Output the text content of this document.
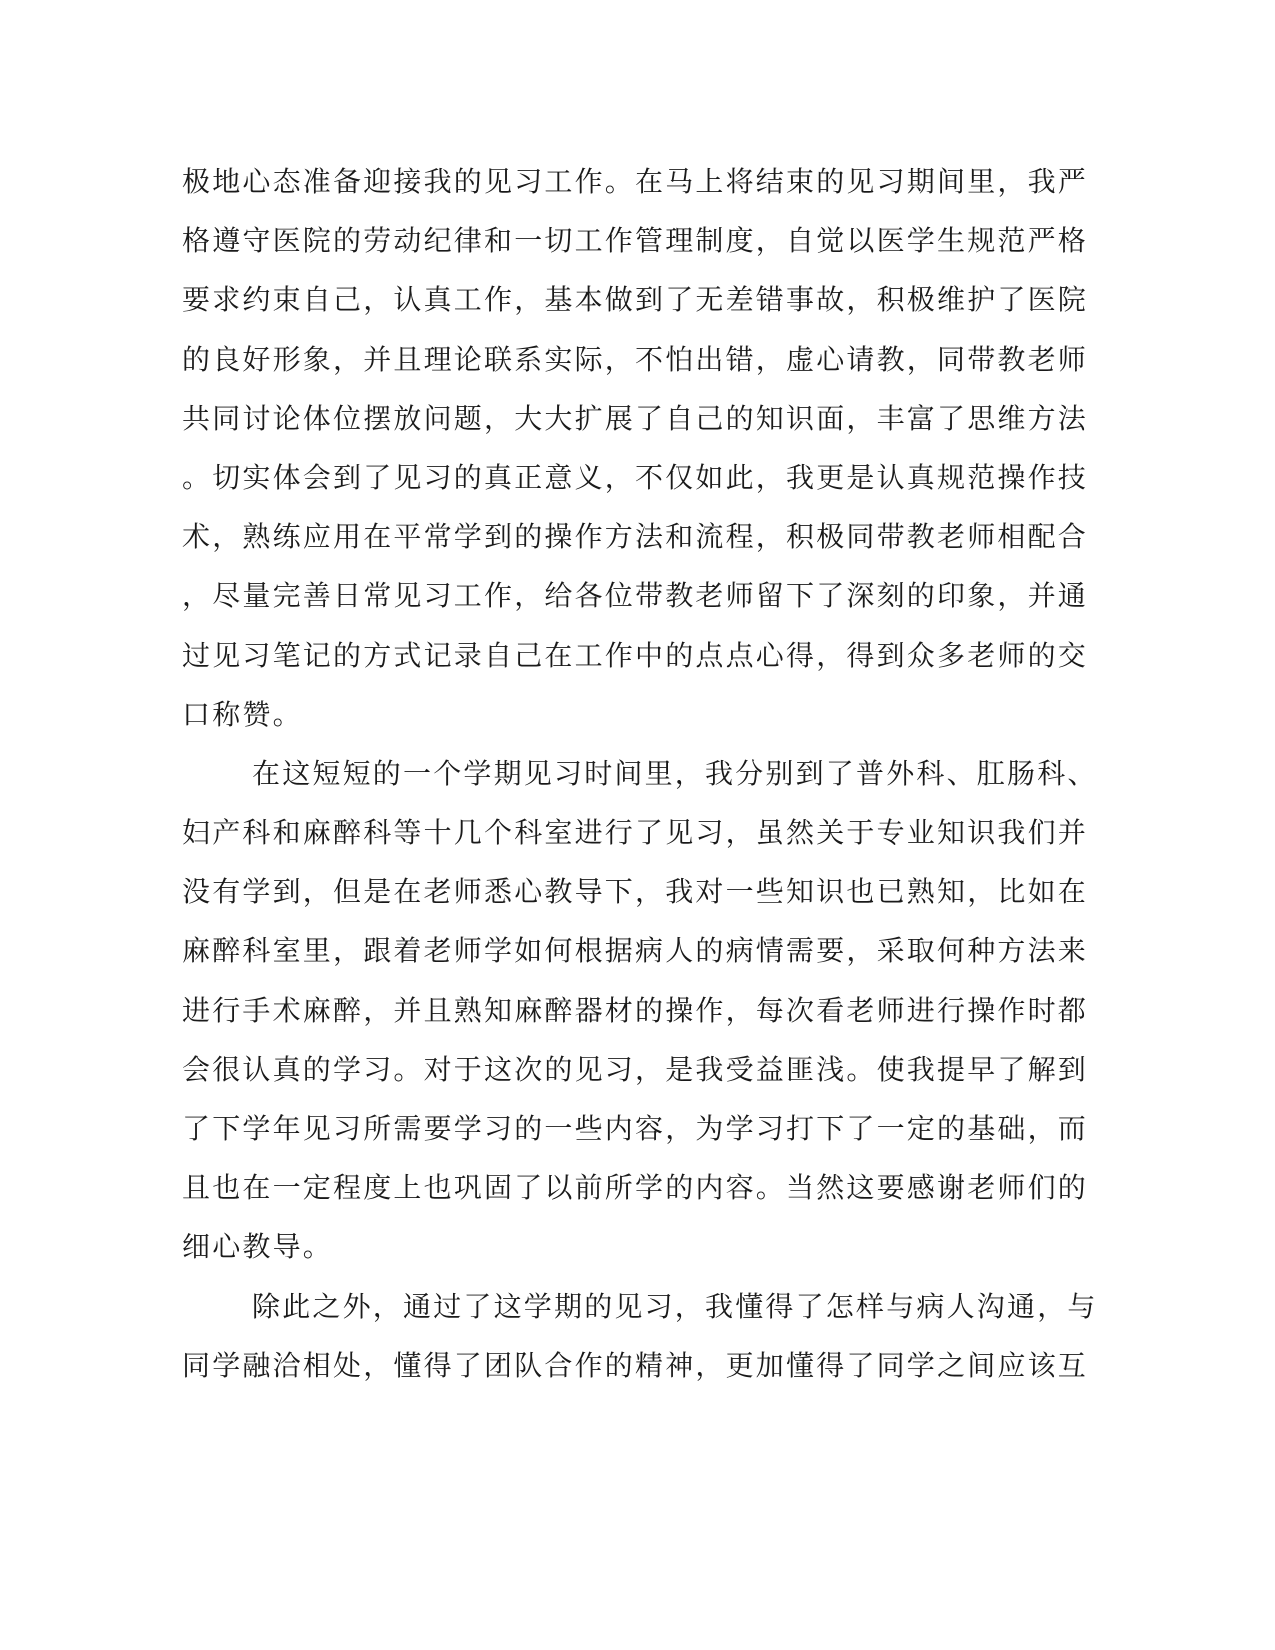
极地心态准备迎接我的见习工作。在马上将结束的见习期间里，我严
格遵守医院的劳动纪律和一切工作管理制度，自觉以医学生规范严格
要求约束自己，认真工作，基本做到了无差错事故，积极维护了医院
的良好形象，并且理论联系实际，不怕出错，虚心请教，同带教老师
共同讨论体位摆放问题，大大扩展了自己的知识面，丰富了思维方法
。切实体会到了见习的真正意义，不仅如此，我更是认真规范操作技
术，熟练应用在平常学到的操作方法和流程，积极同带教老师相配合
，尽量完善日常见习工作，给各位带教老师留下了深刻的印象，并通
过见习笔记的方式记录自己在工作中的点点心得，得到众多老师的交
口称赞。
在这短短的一个学期见习时间里，我分别到了普外科、肛肠科、
妇产科和麻醉科等十几个科室进行了见习，虽然关于专业知识我们并
没有学到，但是在老师悉心教导下，我对一些知识也已熟知，比如在
麻醉科室里，跟着老师学如何根据病人的病情需要，采取何种方法来
进行手术麻醉，并且熟知麻醉器材的操作，每次看老师进行操作时都
会很认真的学习。对于这次的见习，是我受益匪浅。使我提早了解到
了下学年见习所需要学习的一些内容，为学习打下了一定的基础，而
且也在一定程度上也巩固了以前所学的内容。当然这要感谢老师们的
细心教导。
除此之外，通过了这学期的见习，我懂得了怎样与病人沟通，与
同学融洽相处，懂得了团队合作的精神，更加懂得了同学之间应该互
